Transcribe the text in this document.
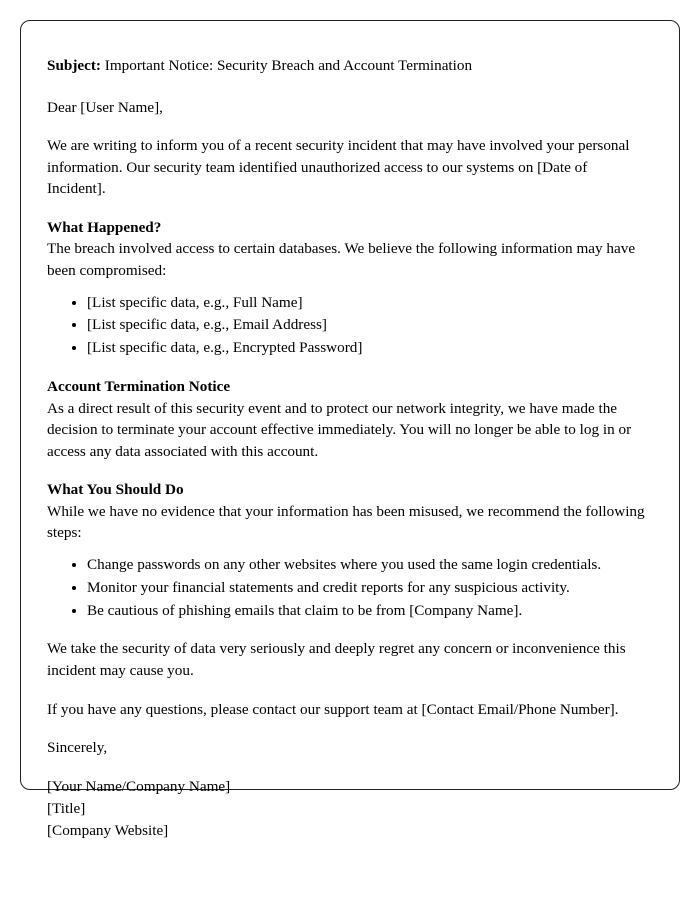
Subject: Important Notice: Security Breach and Account Termination

Dear [User Name],

We are writing to inform you of a recent security incident that may have involved your personal information. Our security team identified unauthorized access to our systems on [Date of Incident].

What Happened?

The breach involved access to certain databases. We believe the following information may have been compromised:

• [List specific data, e.g., Full Name]
• [List specific data, e.g., Email Address]
• [List specific data, e.g., Encrypted Password]

Account Termination Notice

As a direct result of this security event and to protect our network integrity, we have made the decision to terminate your account effective immediately. You will no longer be able to log in or access any data associated with this account.

What You Should Do

While we have no evidence that your information has been misused, we recommend the following steps:

• Change passwords on any other websites where you used the same login credentials.
• Monitor your financial statements and credit reports for any suspicious activity.
• Be cautious of phishing emails that claim to be from [Company Name].

We take the security of data very seriously and deeply regret any concern or inconvenience this incident may cause you.

If you have any questions, please contact our support team at [Contact Email/Phone Number].

Sincerely,

[Your Name/Company Name]

[Title]

[Company Website]
